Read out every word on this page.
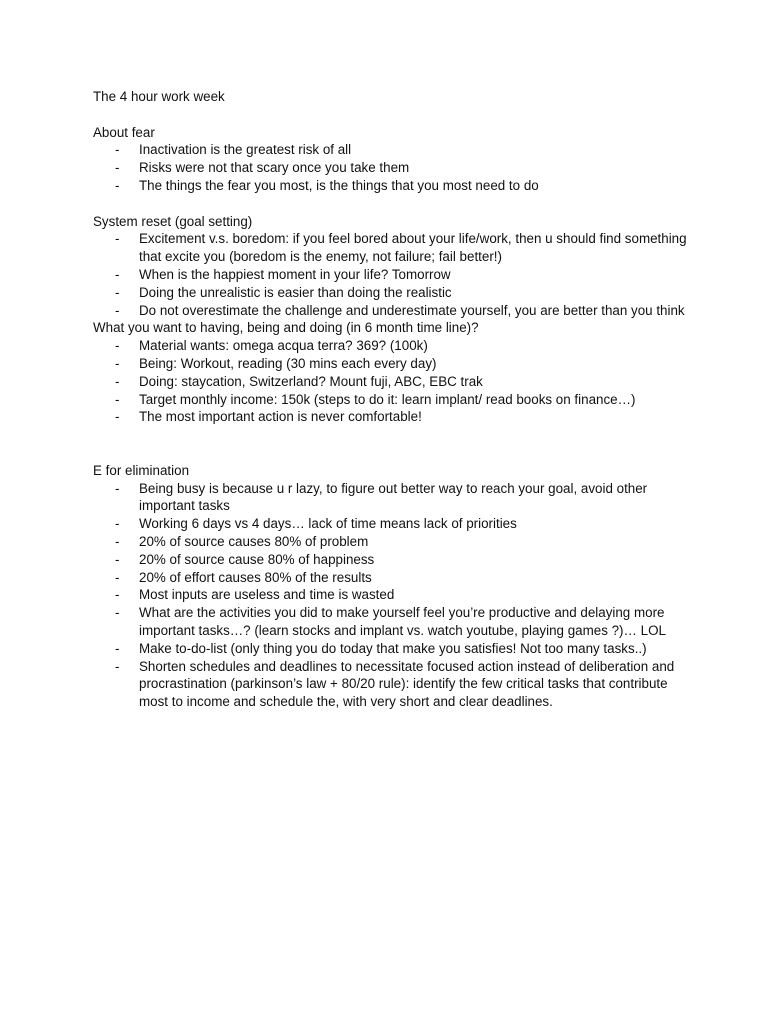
The 4 hour work week

About fear

- Inactivation is the greatest risk of all
- Risks were not that scary once you take them
- The things the fear you most, is the things that you most need to do

System reset (goal setting)

- Excitement v.s. boredom: if you feel bored about your life/work, then u should find something that excite you (boredom is the enemy, not failure; fail better!)
- When is the happiest moment in your life? Tomorrow
- Doing the unrealistic is easier than doing the realistic
- Do not overestimate the challenge and underestimate yourself, you are better than you think

What you want to having, being and doing (in 6 month time line)?

- Material wants: omega acqua terra? 369? (100k)
- Being: Workout, reading (30 mins each every day)
- Doing: staycation, Switzerland? Mount fuji, ABC, EBC trak
- Target monthly income: 150k (steps to do it: learn implant/ read books on finance…)
- The most important action is never comfortable!

E for elimination

- Being busy is because u r lazy, to figure out better way to reach your goal, avoid other important tasks
- Working 6 days vs 4 days… lack of time means lack of priorities
- 20% of source causes 80% of problem
- 20% of source cause 80% of happiness
- 20% of effort causes 80% of the results
- Most inputs are useless and time is wasted
- What are the activities you did to make yourself feel you’re productive and delaying more important tasks…? (learn stocks and implant vs. watch youtube, playing games ?)… LOL
- Make to-do-list (only thing you do today that make you satisfies! Not too many tasks..)
- Shorten schedules and deadlines to necessitate focused action instead of deliberation and procrastination (parkinson’s law + 80/20 rule): identify the few critical tasks that contribute most to income and schedule the, with very short and clear deadlines.
